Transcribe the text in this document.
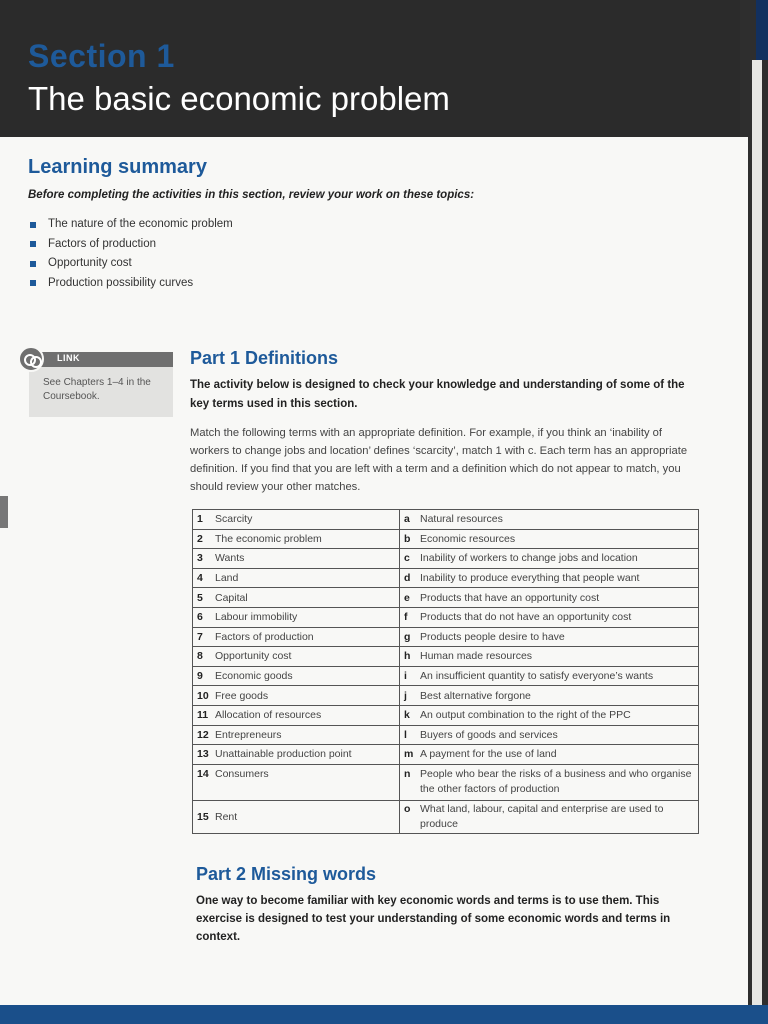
Section 1
The basic economic problem
Learning summary
Before completing the activities in this section, review your work on these topics:
The nature of the economic problem
Factors of production
Opportunity cost
Production possibility curves
LINK
See Chapters 1–4 in the Coursebook.
Part 1 Definitions
The activity below is designed to check your knowledge and understanding of some of the key terms used in this section.
Match the following terms with an appropriate definition. For example, if you think an ‘inability of workers to change jobs and location’ defines ‘scarcity’, match 1 with c. Each term has an appropriate definition. If you find that you are left with a term and a definition which do not appear to match, you should review your other matches.
1 Scarcity	a Natural resources
2 The economic problem	b Economic resources
3 Wants	c Inability of workers to change jobs and location
4 Land	d Inability to produce everything that people want
5 Capital	e Products that have an opportunity cost
6 Labour immobility	f Products that do not have an opportunity cost
7 Factors of production	g Products people desire to have
8 Opportunity cost	h Human made resources
9 Economic goods	i An insufficient quantity to satisfy everyone’s wants
10 Free goods	j Best alternative forgone
11 Allocation of resources	k An output combination to the right of the PPC
12 Entrepreneurs	l Buyers of goods and services
13 Unattainable production point	m A payment for the use of land
14 Consumers	n People who bear the risks of a business and who organise the other factors of production

15 Rent	o What land, labour, capital and enterprise are used to produce
Part 2 Missing words
One way to become familiar with key economic words and terms is to use them. This exercise is designed to test your understanding of some economic words and terms in context.
